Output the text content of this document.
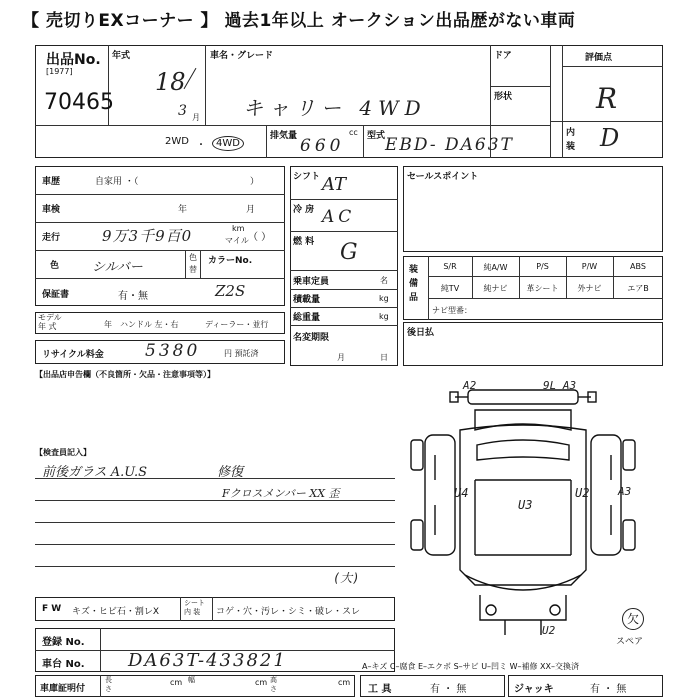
【 売切りEXコーナー 】 過去1年以上 オークション出品歴がない車両
出品No.
[1977]
70465
年式
18
3 月
車名・グレード
キャリー 4WD
ドア
形状
評価点
R
内
装 D
2WD ・	4WD
排気量	cc
660	型式 EBD- DA63T
車歴	自家用 ・（	）
車検	年	月
走行	9万3千9百0	km
マイル （ ）
色	シルバー
色
替
カラーNo.
保証書	有・無	Z2S
モデル
年 式	年 ハンドル 左・右	ディーラー・並行
リサイクル料金 5380	円 預託済
シフト AT
冷 房 AC
燃 料 G
乗車定員	名
積載量	kg
総重量	kg
名変期限
月	日
セールスポイント
装
備
品
S/R	純A/W	P/S	P/W	ABS
純TV	純ナビ	革シート	外ナビ	エアB
ナビ型番：
後日払
【出品店申告欄（不良箇所・欠品・注意事項等）】
【検査員記入】
前後ガラス A.U.S	修復
Fクロスメンバー XX 歪
A2	9L A3
U4
U3
U2	A3
U2
(大)
欠
スペア
F W キズ・ヒビ石・割レX
シート
内 装	コゲ・穴・汚レ・シミ・破レ・スレ
登録 No.
車台 No. DA63T-433821
車庫証明付
長
さ
cm 幅	cm 高
さ
cm
A–キズ C–腐食 E–エクボ S–サビ U–凹ミ W–補修 XX–交換済
工 具	有 ・ 無	ジャッキ	有 ・ 無
